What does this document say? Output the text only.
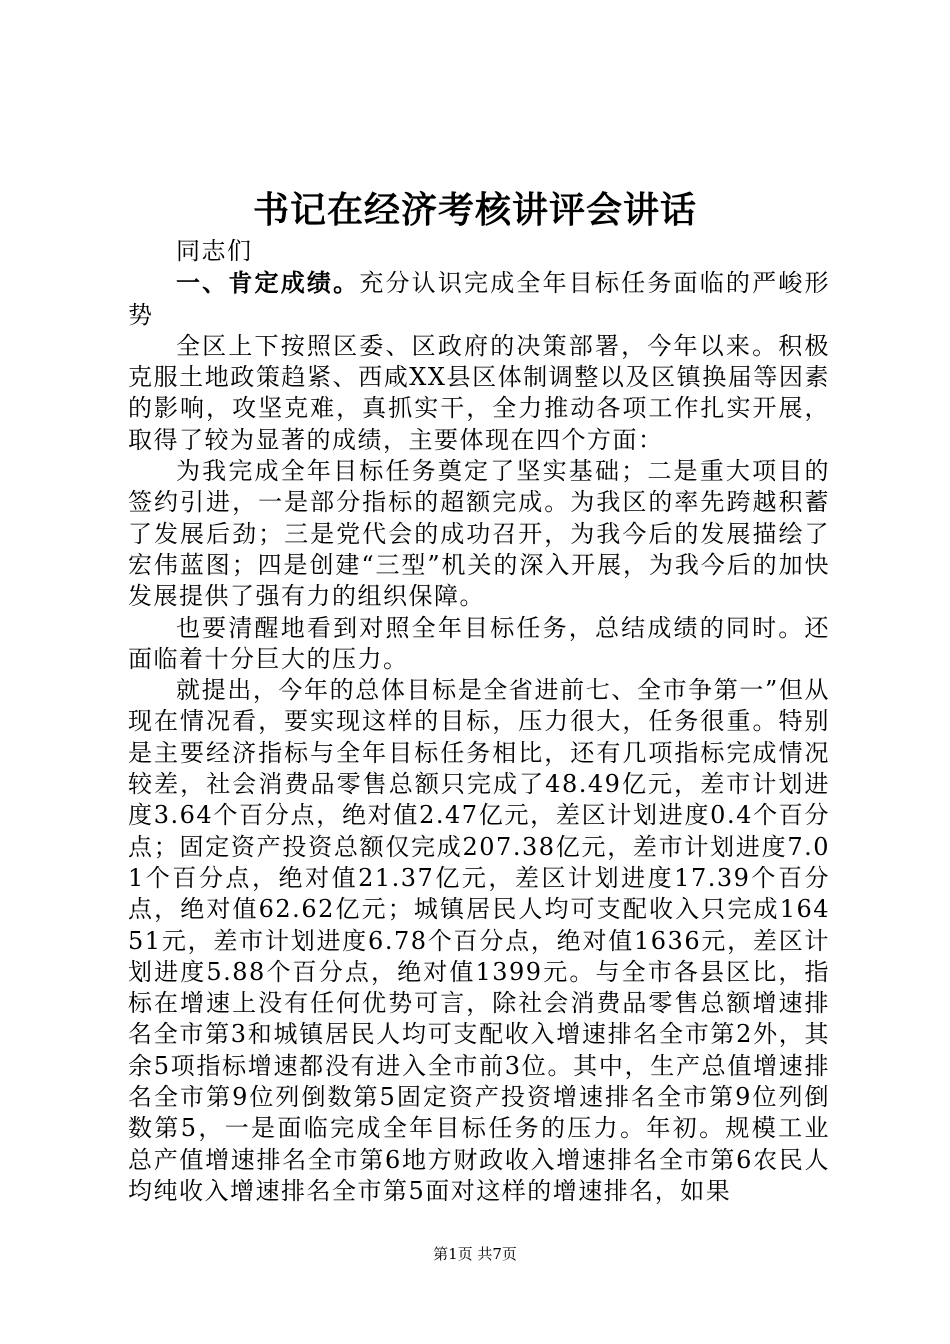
书记在经济考核讲评会讲话

同志们

一、肯定成绩。充分认识完成全年目标任务面临的严峻形势

全区上下按照区委、区政府的决策部署，今年以来。积极克服土地政策趋紧、西咸XX县区体制调整以及区镇换届等因素的影响，攻坚克难，真抓实干，全力推动各项工作扎实开展，取得了较为显著的成绩，主要体现在四个方面：

为我完成全年目标任务奠定了坚实基础；二是重大项目的签约引进，一是部分指标的超额完成。为我区的率先跨越积蓄了发展后劲；三是党代会的成功召开，为我今后的发展描绘了宏伟蓝图；四是创建“三型”机关的深入开展，为我今后的加快发展提供了强有力的组织保障。

也要清醒地看到对照全年目标任务，总结成绩的同时。还面临着十分巨大的压力。

就提出，今年的总体目标是全省进前七、全市争第一”但从现在情况看，要实现这样的目标，压力很大，任务很重。特别是主要经济指标与全年目标任务相比，还有几项指标完成情况较差，社会消费品零售总额只完成了48.49亿元，差市计划进度3.64个百分点，绝对值2.47亿元，差区计划进度0.4个百分点；固定资产投资总额仅完成207.38亿元，差市计划进度7.01个百分点，绝对值21.37亿元，差区计划进度17.39个百分点，绝对值62.62亿元；城镇居民人均可支配收入只完成16451元，差市计划进度6.78个百分点，绝对值1636元，差区计划进度5.88个百分点，绝对值1399元。与全市各县区比，指标在增速上没有任何优势可言，除社会消费品零售总额增速排名全市第3和城镇居民人均可支配收入增速排名全市第2外，其余5项指标增速都没有进入全市前3位。其中，生产总值增速排名全市第9位列倒数第5固定资产投资增速排名全市第9位列倒数第5，一是面临完成全年目标任务的压力。年初。规模工业总产值增速排名全市第6地方财政收入增速排名全市第6农民人均纯收入增速排名全市第5面对这样的增速排名，如果

第1页 共7页
